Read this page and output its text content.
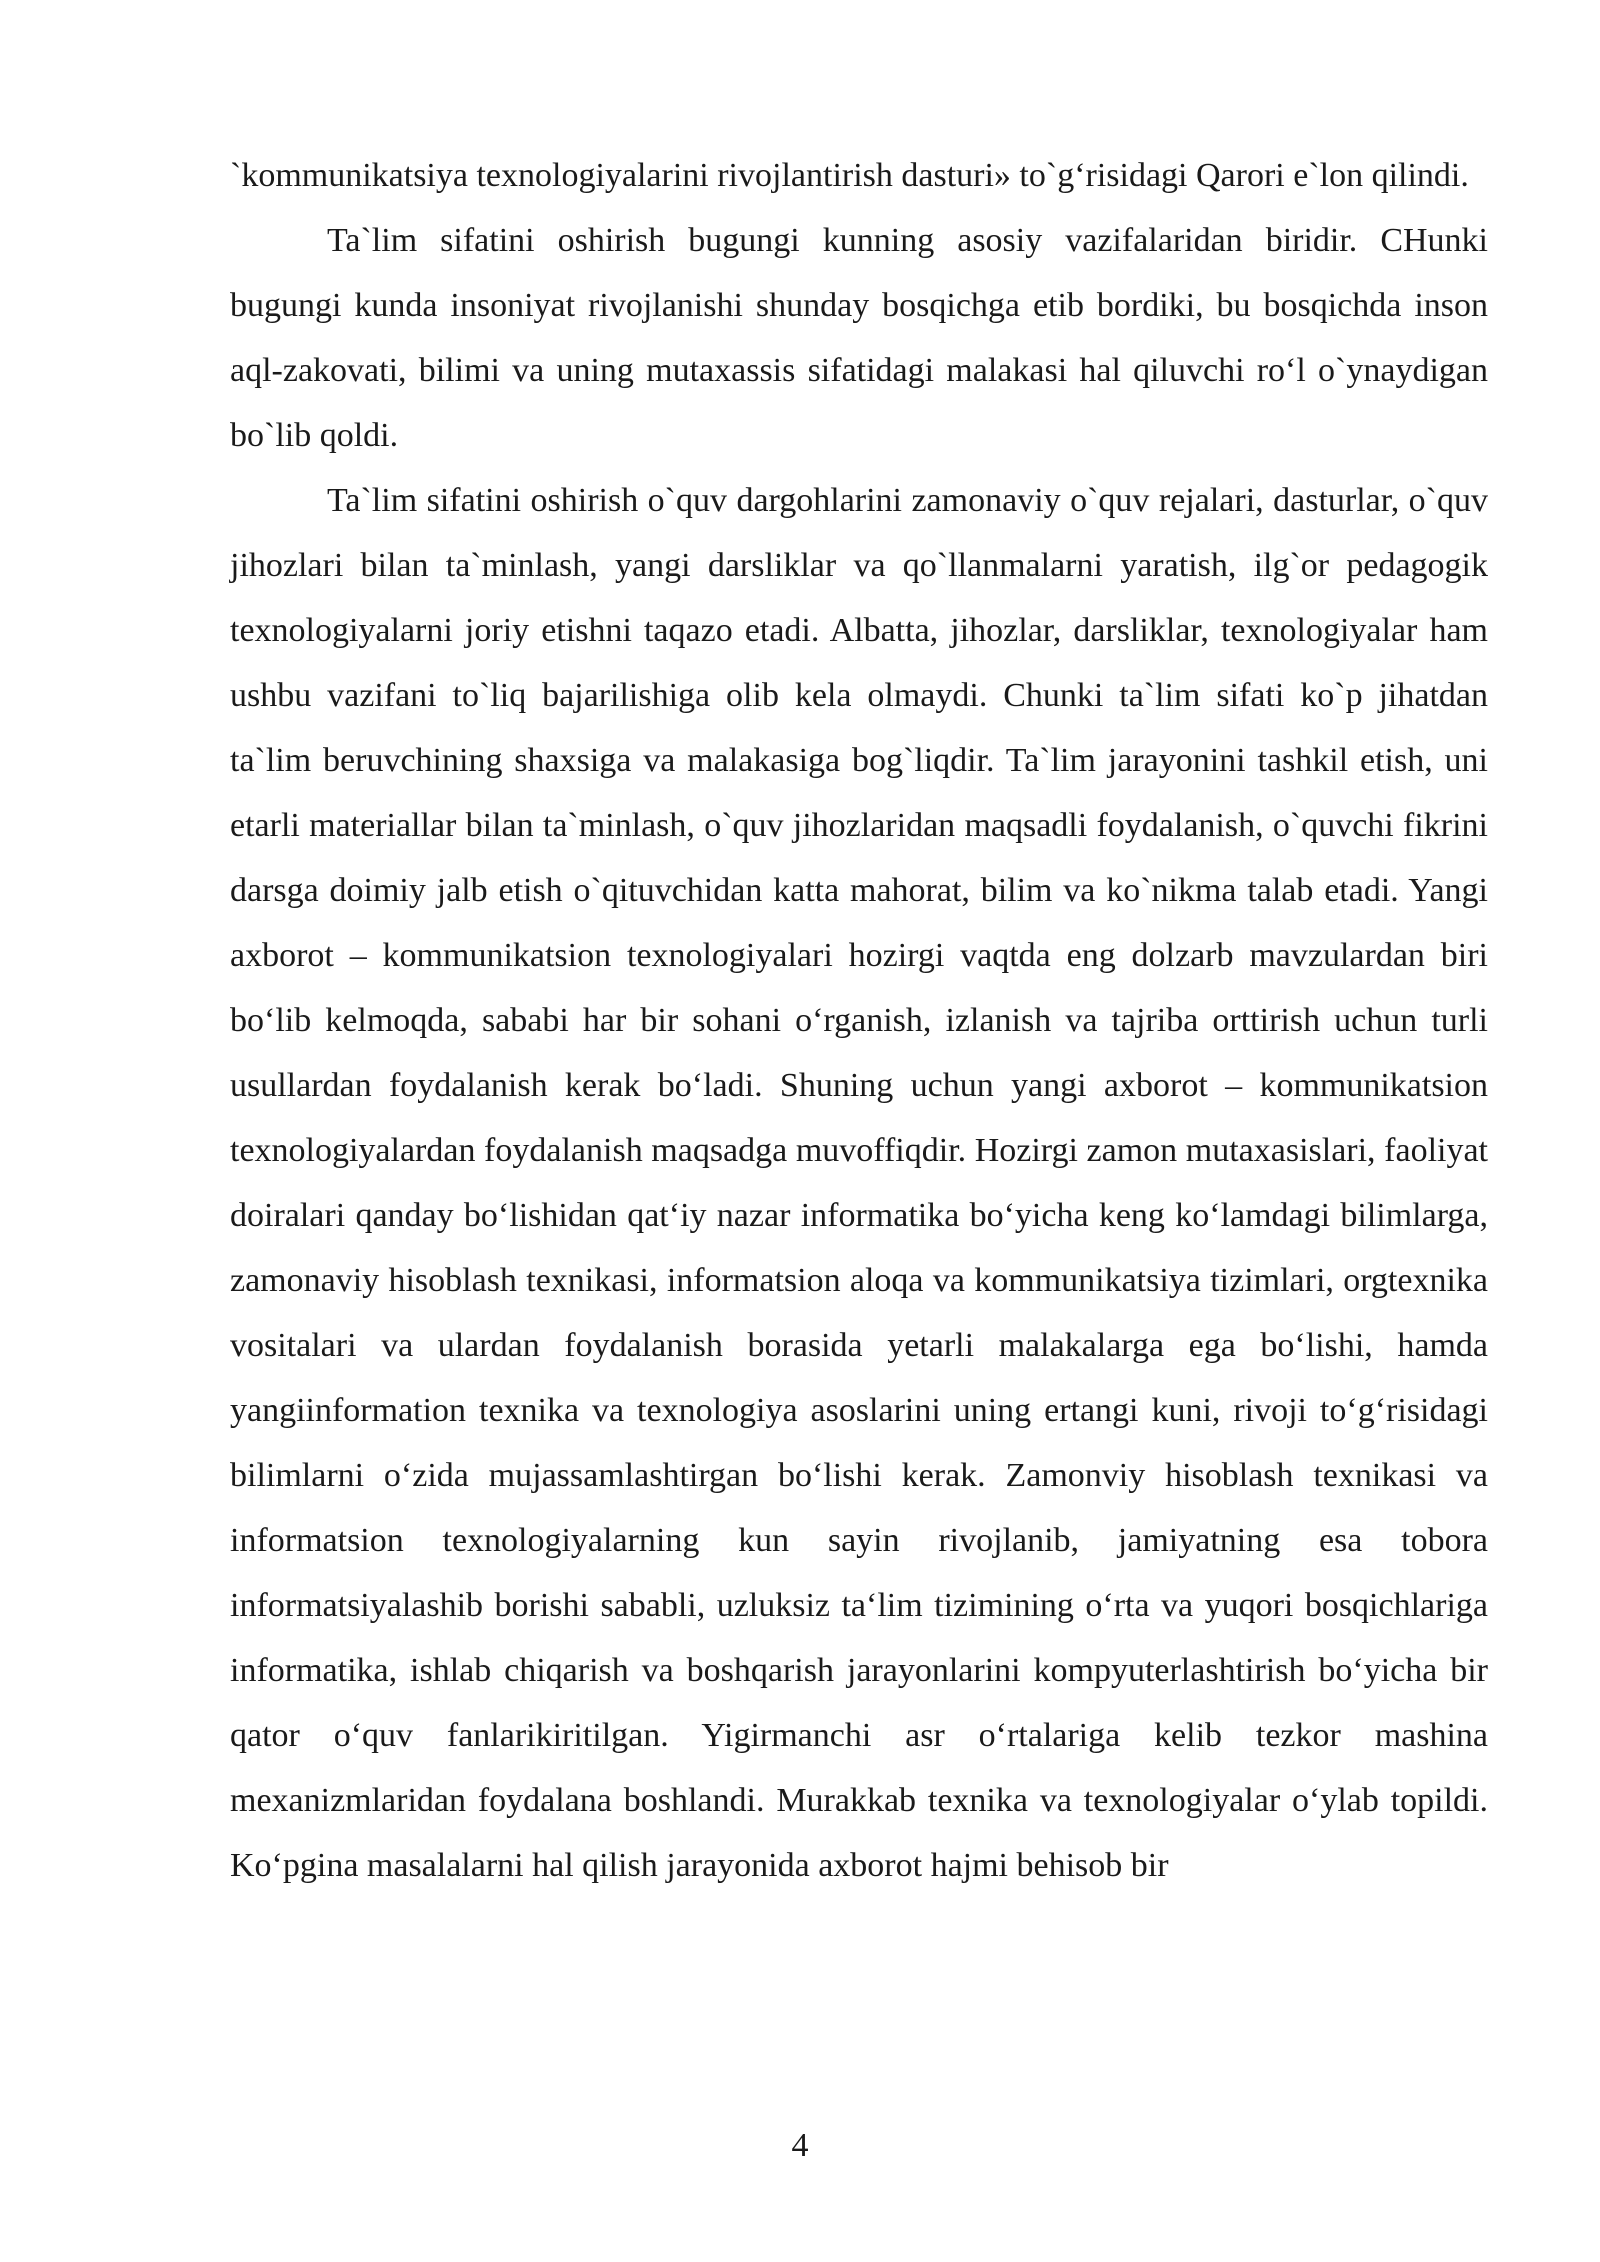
`kommunikatsiya texnologiyalarini rivojlantirish dasturi» to`g‘risidagi Qarori e`lon qilindi.

Ta`lim sifatini oshirish bugungi kunning asosiy vazifalaridan biridir. CHunki bugungi kunda insoniyat rivojlanishi shunday bosqichga etib bordiki, bu bosqichda inson aql-zakovati, bilimi va uning mutaxassis sifatidagi malakasi hal qiluvchi ro‘l o`ynaydigan bo`lib qoldi.

Ta`lim sifatini oshirish o`quv dargohlarini zamonaviy o`quv rejalari, dasturlar, o`quv jihozlari bilan ta`minlash, yangi darsliklar va qo`llanmalarni yaratish, ilg`or pedagogik texnologiyalarni joriy etishni taqazo etadi. Albatta, jihozlar, darsliklar, texnologiyalar ham ushbu vazifani to`liq bajarilishiga olib kela olmaydi. Chunki ta`lim sifati ko`p jihatdan ta`lim beruvchining shaxsiga va malakasiga bog`liqdir. Ta`lim jarayonini tashkil etish, uni etarli materiallar bilan ta`minlash, o`quv jihozlaridan maqsadli foydalanish, o`quvchi fikrini darsga doimiy jalb etish o`qituvchidan katta mahorat, bilim va ko`nikma talab etadi. Yangi axborot – kommunikatsion texnologiyalari hozirgi vaqtda eng dolzarb mavzulardan biri bo‘lib kelmoqda, sababi har bir sohani o‘rganish, izlanish va tajriba orttirish uchun turli usullardan foydalanish kerak bo‘ladi. Shuning uchun yangi axborot – kommunikatsion texnologiyalardan foydalanish maqsadga muvoffiqdir. Hozirgi zamon mutaxasislari, faoliyat doiralari qanday bo‘lishidan qat‘iy nazar informatika bo‘yicha keng ko‘lamdagi bilimlarga, zamonaviy hisoblash texnikasi, informatsion aloqa va kommunikatsiya tizimlari, orgtexnika vositalari va ulardan foydalanish borasida yetarli malakalarga ega bo‘lishi, hamda yangiinformation texnika va texnologiya asoslarini uning ertangi kuni, rivoji to‘g‘risidagi bilimlarni o‘zida mujassamlashtirgan bo‘lishi kerak. Zamonviy hisoblash texnikasi va informatsion texnologiyalarning kun sayin rivojlanib, jamiyatning esa tobora informatsiyalashib borishi sababli, uzluksiz ta‘lim tizimining o‘rta va yuqori bosqichlariga informatika, ishlab chiqarish va boshqarish jarayonlarini kompyuterlashtirish bo‘yicha bir qator o‘quv fanlarikiritilgan. Yigirmanchi asr o‘rtalariga kelib tezkor mashina mexanizmlaridan foydalana boshlandi. Murakkab texnika va texnologiyalar o‘ylab topildi. Ko‘pgina masalalarni hal qilish jarayonida axborot hajmi behisob bir

4
